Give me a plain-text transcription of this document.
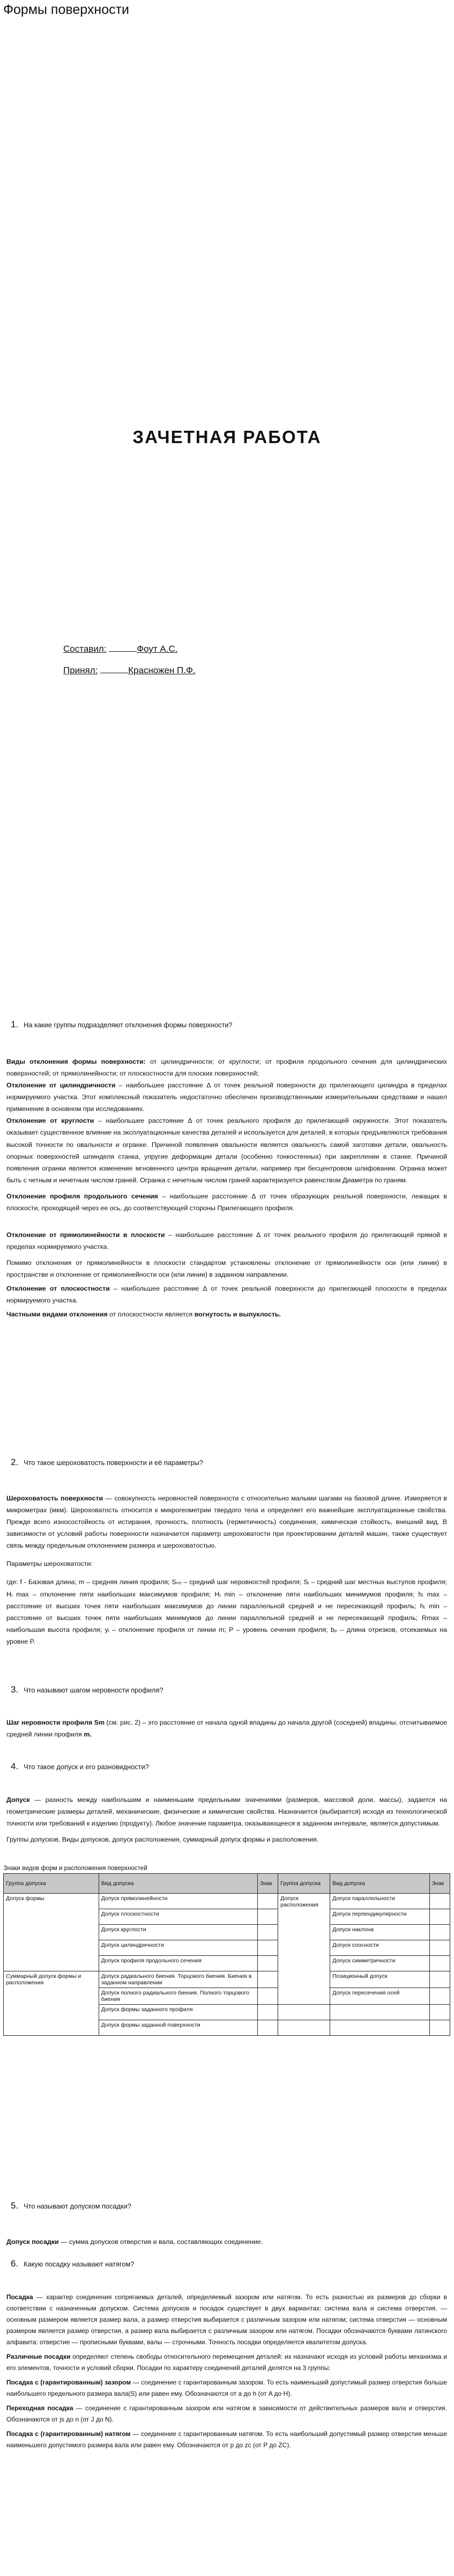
Формы поверхности
ЗАЧЕТНАЯ РАБОТА
Составил:	Фоут А.С.
Принял:	Красножен П.Ф.
1. На какие группы подразделяют отклонения формы поверхности?

Виды отклонения формы поверхности: от цилиндричности; от круглости; от профиля продольного сечения для цилиндрических поверхностей; от прямолинейности; от плоскостности для плоских поверхностей;

Отклонение от цилиндричности – наибольшее расстояние Δ от точек реальной поверхности до прилегающего цилиндра в пределах нормируемого участка. Этот комплексный показатель недостаточно обеспечен производственными измерительными средствами и нашел применение в основном при исследованиях.

Отклонение от круглости – наибольшее расстояние Δ от точек реального профиля до прилегающей окружности. Этот показатель оказывает существенное влияние на эксплуатационные качества деталей и используется для деталей, в которых предъявляются требования высокой точности по овальности и огранке. Причиной появления овальности является овальность самой заготовки детали, овальность опорных поверхностей шпинделя станка, упругие деформации детали (особенно тонкостенных) при закреплении в станке. Причиной появления огранки является изменение мгновенного центра вращения детали, например при бесцентровом шлифовании. Огранка может быть с четным и нечетным числом граней. Огранка с нечетным числом граней характеризуется равенством Диаметра по граням.

Отклонение профиля продольного сечения – наибольшее расстояние Δ от точек образующих реальной поверхности, лежащих в плоскости, проходящей через ее ось, до соответствующей стороны Прилегающего профиля.

Отклонение от прямолинейности в плоскости – наибольшее расстояние Δ от точек реального профиля до прилегающей прямой в пределах нормируемого участка.

Помимо отклонения от прямолинейности в плоскости стандартом установлены отклонение от прямолинейности оси (или линии) в пространстве и отклонение от прямолинейности оси (или линии) в заданном направлении.

Отклонение от плоскостности – наибольшее расстояние Δ от точек реальной поверхности до прилегающей плоскости в пределах нормируемого участка.

Частными видами отклонения от плоскостности является вогнутость и выпуклость.

2. Что такое шероховатость поверхности и её параметры?

Шероховатость поверхности — совокупность неровностей поверхности с относительно малыми шагами на базовой длине. Измеряется в микрометрах (мкм). Шероховатость относится к микрогеометрии твердого тела и определяет его важнейшие эксплуатационные свойства. Прежде всего износостойкость от истирания, прочность, плотность (герметичность) соединения, химическая стойкость, внешний вид. В зависимости от условий работы поверхности назначается параметр шероховатости при проектировании деталей машин, также существует связь между предельным отклонением размера и шероховатостью.

Параметры шероховатости:

где: f - Базовая длина; m – средняя линия профиля; Sₘᵢ – средний шаг неровностей профиля; Sᵢ – средний шаг местных выступов профиля; Hᵢ max – отклонение пяти наибольших максимумов профиля; Hᵢ min – отклонение пяти наибольших минимумов профиля; hᵢ max – расстояние от высших точек пяти наибольших максимумов до линии параллельной средней и не пересекающей профиль; hᵢ min – расстояние от высших точек пяти наибольших минимумов до линии параллельной средней и не пересекающей профиль; Rmax – наибольшая высота профиля; yᵢ – отклонение профиля от линии m; P – уровень сечения профиля; bₚ – длина отрезков, отсекаемых на уровне P.

3. Что называют шагом неровности профиля?

Шаг неровности профиля Sm (см. рис. 2) – это расстояние от начала одной впадины до начала другой (соседней) впадины, отсчитываемое средней линии профиля m.

4. Что такое допуск и его разновидности?

Допуск — разность между наибольшим и наименьшим предельными значениями (размеров, массовой доли, массы), задается на геометрические размеры деталей, механические, физические и химические свойства. Назначается (выбирается) исходя из технологической точности или требований к изделию (продукту). Любое значение параметра, оказывающееся в заданном интервале, является допустимым.

Группы допусков, Виды допусков, допуск расположения, суммарный допуск формы и расположения.

Знаки видов форм и расположения поверхностей					
Группа допуска	Вид допуска	Знак	Группа допуска	Вид допуска	Знак
Допуск формы	Допуск прямолинейности		Допуск расположения	Допуск параллельности	
	Допуск плоскостности			Допуск перпендикулярности	
	Допуск круглости			Допуск наклона	
	Допуск цилиндричности			Допуск соосности	
	Допуск профиля продольного сечения			Допуск симметричности	
Суммарный допуск формы и расположения	Допуск радиального биения. Торцового биения. Биения в заданном направлении			Позиционный допуск	
	Допуск полного радиального биения. Полного торцового биения			Допуск пересечения осей	
	Допуск формы заданного профиля				
	Допуск формы заданной поверхности				
5. Что называют допуском посадки?

Допуск посадки — сумма допусков отверстия и вала, составляющих соединение.

6. Какую посадку называют натягом?

Посадка — характер соединения сопрягаемых деталей, определяемый зазором или натягом. То есть разностью их размеров до сборки в соответствии с назначенным допуском. Система допусков и посадок существует в двух вариантах: система вала и система отверстия. — основным размером является размер вала, а размер отверстия выбирается с различным зазором или натягом; система отверстия — основным размером является размер отверстия, а размер вала выбирается с различным зазором или натягом. Посадки обозначаются буквами латинского алфавита: отверстие — прописными буквами, валы — строчными. Точность посадки определяется квалитетом допуска.

Различные посадки определяют степень свободы относительного перемещения деталей: их назначают исходя из условий работы механизма и его элементов, точности и условий сборки. Посадки по характеру соединений деталей делятся на 3 группы:

Посадка с (гарантированным) зазором — соединение с гарантированным зазором. То есть наименьший допустимый размер отверстия больше наибольшего предельного размера вала(S) или равен ему. Обозначаются от a до h (от A до H).

Переходная посадка — соединение с гарантированным зазором или натягом в зависимости от действительных размеров вала и отверстия. Обозначаются от js до n (от J до N).

Посадка с (гарантированным) натягом — соединение с гарантированным натягом. То есть наибольший допустимый размер отверстия меньше наименьшего допустимого размера вала или равен ему. Обозначаются от p до zc (от P до ZC).
